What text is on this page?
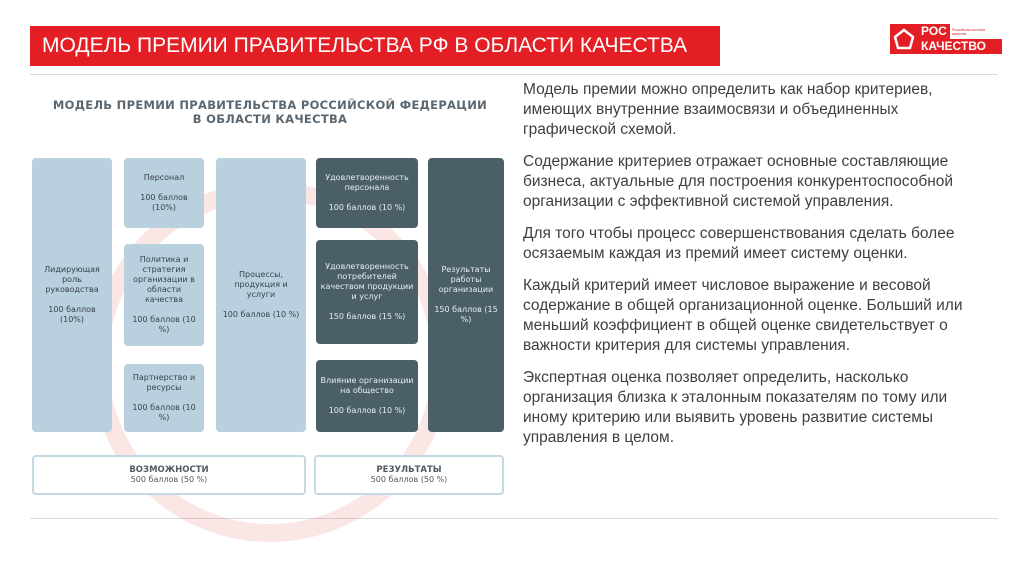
МОДЕЛЬ ПРЕМИИ ПРАВИТЕЛЬСТВА РФ В ОБЛАСТИ КАЧЕСТВА
РОС	Российская система качества
КАЧЕСТВО
МОДЕЛЬ ПРЕМИИ ПРАВИТЕЛЬСТВА РОССИЙСКОЙ ФЕДЕРАЦИИ
В ОБЛАСТИ КАЧЕСТВА
Лидирующая роль руководства
100 баллов (10%)
Персонал
100 баллов (10%)
Политика и стратегия организации в области качества
100 баллов (10 %)
Партнерство и ресурсы
100 баллов (10 %)
Процессы, продукция и услуги
100 баллов (10 %)
Удовлетворенность персонала
100 баллов (10 %)
Удовлетворенность потребителей качеством продукции и услуг
150 баллов (15 %)
Влияние организации на общество
100 баллов (10 %)
Результаты работы организации
150 баллов (15 %)
ВОЗМОЖНОСТИ
500 баллов (50 %)
РЕЗУЛЬТАТЫ
500 баллов (50 %)

Модель премии можно определить как набор критериев, имеющих внутренние взаимосвязи и объединенных графической схемой.

Содержание критериев отражает основные составляющие бизнеса, актуальные для построения конкурентоспособной организации с эффективной системой управления.

Для того чтобы процесс совершенствования сделать более осязаемым каждая из премий имеет систему оценки.

Каждый критерий имеет числовое выражение и весовой содержание в общей организационной оценке. Больший или меньший коэффициент в общей оценке свидетельствует о важности критерия для системы управления.

Экспертная оценка позволяет определить, насколько организация близка к эталонным показателям по тому или иному критерию или выявить уровень развитие системы управления в целом.
